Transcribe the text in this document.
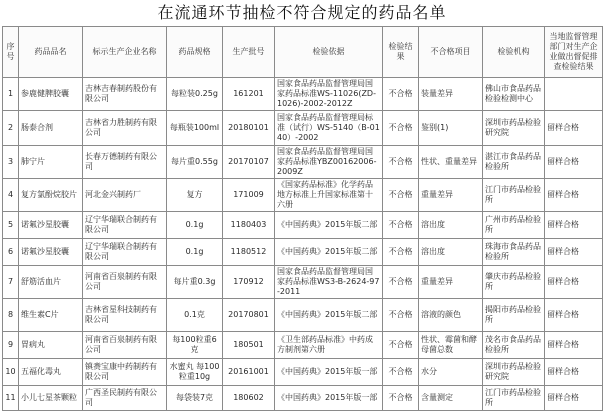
在流通环节抽检不符合规定的药品名单
序号	药品品名	标示生产企业名称	药品规格	生产批号	检验依据	检验结果	不合格项目	检验机构	当地监督管理部门对生产企业做出督促排查检验结果
1	参鹿健脾胶囊	吉林吉春制药股份有限公司	每粒装0.25g	161201	国家食品药品监督管理局国家药品标准WS-11026(ZD-1026)-2002-2012Z	不合格	装量差异	佛山市食品药品检验检测中心	
2	肠泰合剂	吉林省力胜制药有限公司	每瓶装100ml	20180101	国家食品药品监督管理局标准（试行）WS-5140（B-0140）-2002	不合格	鉴别(1)	深圳市药品检验研究院	留样合格
3	肺宁片	长春万德制药有限公司	每片重0.55g	20170107	国家食品药品监督管理局国家药品标准YBZ00162006-2009Z	不合格	性状、重量差异	湛江市食品药品检验所	留样合格
4	复方氯酚烷胶片	河北金兴制药厂	复方	171009	《国家药品标准》化学药品地方标准上升国家标准第十六册	不合格	重量差异	江门市药品检验所	留样合格
5	诺氟沙星胶囊	辽宁华瑞联合制药有限公司	0.1g	1180403	《中国药典》2015年版二部	不合格	溶出度	广州市药品检验所	留样合格
6	诺氟沙星胶囊	辽宁华瑞联合制药有限公司	0.1g	1180512	《中国药典》2015年版二部	不合格	溶出度	珠海市食品药品检验所	留样合格
7	舒筋活血片	河南省百泉制药有限公司	每片重0.3g	170912	国家食品药品监督管理局国家药品标准WS3-B-2624-97-2011	不合格	重量差异	肇庆市药品检验所	留样合格
8	维生素C片	吉林省星科技制药有限公司	0.1克	20170801	《中国药典》2015年版二部	不合格	溶液的颜色	揭阳市药品检验所	留样合格
9	胃病丸	河南省百泉制药有限公司	每100粒重6克	180501	《卫生部药品标准》中药成方制剂第六册	不合格	性状、霉菌和酵母菌总数	茂名市食品药品检验所	留样合格
10	五福化毒丸	镇赉宝康中药制药有限公司	水蜜丸 每100粒重10g	20161001	《中国药典》2015年版一部	不合格	水分	深圳市药品检验研究院	留样合格
11	小儿七星茶颗粒	广西圣民制药有限公司	每袋装7克	180602	《中国药典》2015年版一部	不合格	含量测定	江门市药品检验所	留样合格
